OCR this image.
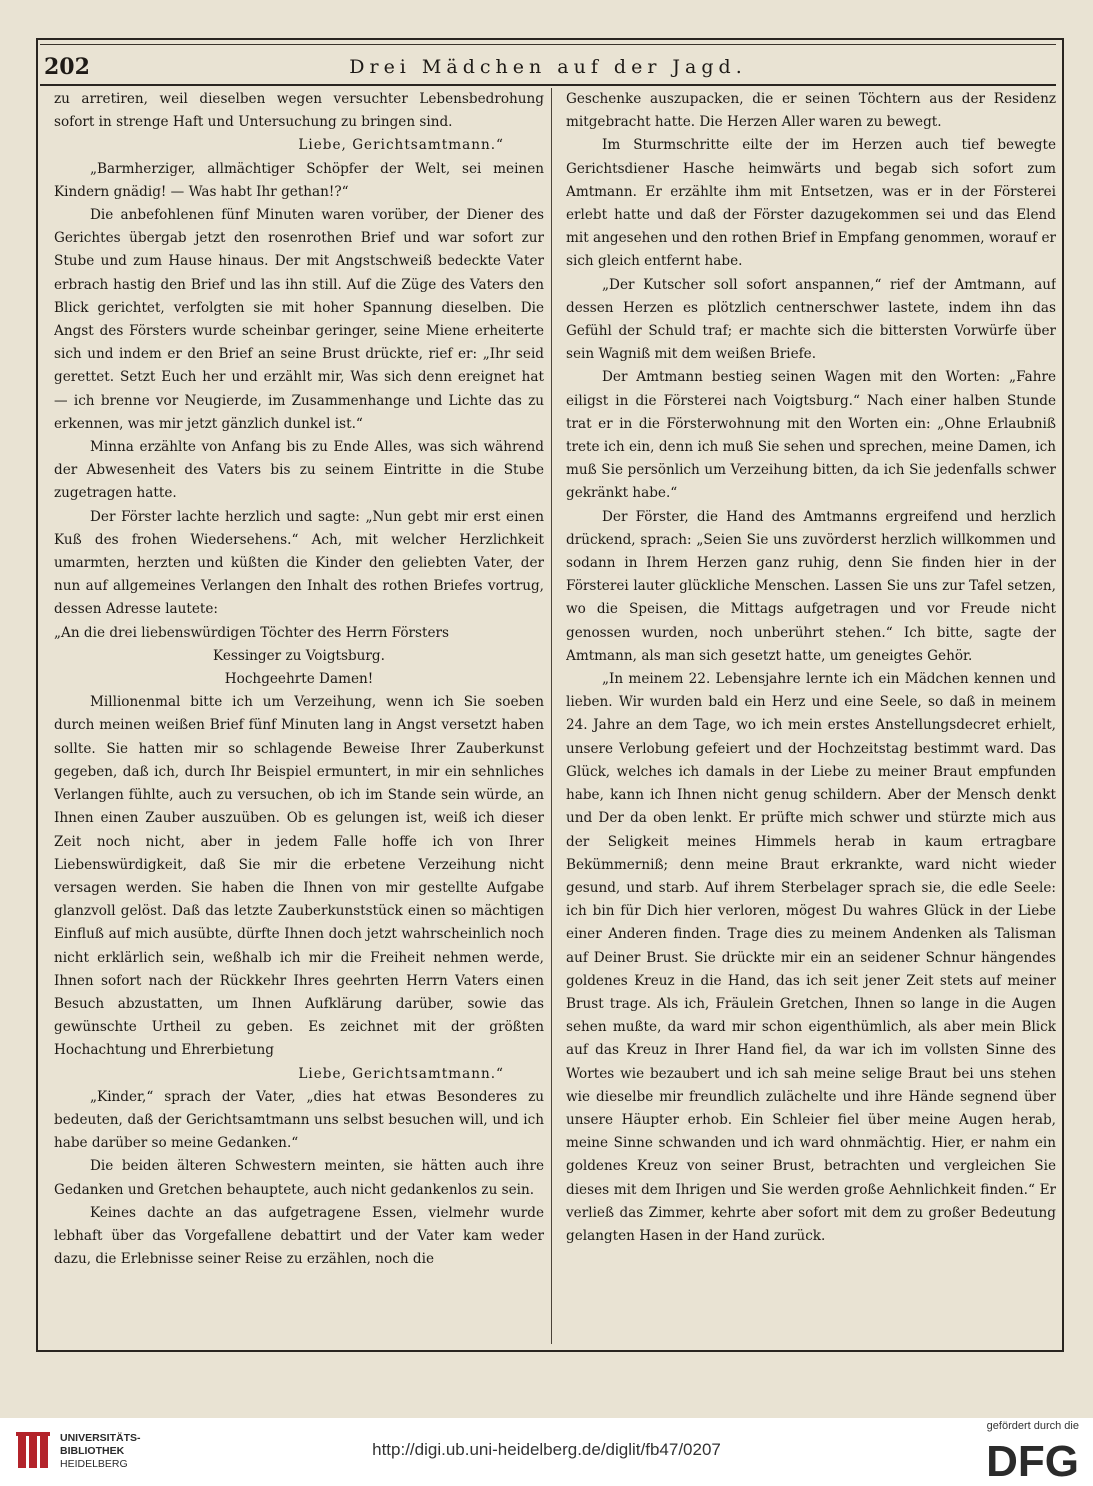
202	Drei Mädchen auf der Jagd.

zu arretiren, weil dieselben wegen versuchter Lebensbedrohung sofort in strenge Haft und Untersuchung zu bringen sind.

Liebe, Gerichtsamtmann.“

„Barmherziger, allmächtiger Schöpfer der Welt, sei meinen Kindern gnädig! — Was habt Ihr gethan!?“

Die anbefohlenen fünf Minuten waren vorüber, der Diener des Gerichtes übergab jetzt den rosenrothen Brief und war sofort zur Stube und zum Hause hinaus. Der mit Angstschweiß bedeckte Vater erbrach hastig den Brief und las ihn still. Auf die Züge des Vaters den Blick gerichtet, verfolgten sie mit hoher Spannung dieselben. Die Angst des Försters wurde scheinbar geringer, seine Miene erheiterte sich und indem er den Brief an seine Brust drückte, rief er: „Ihr seid gerettet. Setzt Euch her und erzählt mir, Was sich denn ereignet hat — ich brenne vor Neugierde, im Zusammenhange und Lichte das zu erkennen, was mir jetzt gänzlich dunkel ist.“

Minna erzählte von Anfang bis zu Ende Alles, was sich während der Abwesenheit des Vaters bis zu seinem Eintritte in die Stube zugetragen hatte.

Der Förster lachte herzlich und sagte: „Nun gebt mir erst einen Kuß des frohen Wiedersehens.“ Ach, mit welcher Herzlichkeit umarmten, herzten und küßten die Kinder den geliebten Vater, der nun auf allgemeines Verlangen den Inhalt des rothen Briefes vortrug, dessen Adresse lautete:

„An die drei liebenswürdigen Töchter des Herrn Försters

Kessinger zu Voigtsburg.

Hochgeehrte Damen!

Millionenmal bitte ich um Verzeihung, wenn ich Sie soeben durch meinen weißen Brief fünf Minuten lang in Angst versetzt haben sollte. Sie hatten mir so schlagende Beweise Ihrer Zauberkunst gegeben, daß ich, durch Ihr Beispiel ermuntert, in mir ein sehnliches Verlangen fühlte, auch zu versuchen, ob ich im Stande sein würde, an Ihnen einen Zauber auszuüben. Ob es gelungen ist, weiß ich dieser Zeit noch nicht, aber in jedem Falle hoffe ich von Ihrer Liebenswürdigkeit, daß Sie mir die erbetene Verzeihung nicht versagen werden. Sie haben die Ihnen von mir gestellte Aufgabe glanzvoll gelöst. Daß das letzte Zauberkunststück einen so mächtigen Einfluß auf mich ausübte, dürfte Ihnen doch jetzt wahrscheinlich noch nicht erklärlich sein, weßhalb ich mir die Freiheit nehmen werde, Ihnen sofort nach der Rückkehr Ihres geehrten Herrn Vaters einen Besuch abzustatten, um Ihnen Aufklärung darüber, sowie das gewünschte Urtheil zu geben. Es zeichnet mit der größten Hochachtung und Ehrerbietung

Liebe, Gerichtsamtmann.“

„Kinder,“ sprach der Vater, „dies hat etwas Besonderes zu bedeuten, daß der Gerichtsamtmann uns selbst besuchen will, und ich habe darüber so meine Gedanken.“

Die beiden älteren Schwestern meinten, sie hätten auch ihre Gedanken und Gretchen behauptete, auch nicht gedankenlos zu sein.

Keines dachte an das aufgetragene Essen, vielmehr wurde lebhaft über das Vorgefallene debattirt und der Vater kam weder dazu, die Erlebnisse seiner Reise zu erzählen, noch die

Geschenke auszupacken, die er seinen Töchtern aus der Residenz mitgebracht hatte. Die Herzen Aller waren zu bewegt.

Im Sturmschritte eilte der im Herzen auch tief bewegte Gerichtsdiener Hasche heimwärts und begab sich sofort zum Amtmann. Er erzählte ihm mit Entsetzen, was er in der Försterei erlebt hatte und daß der Förster dazugekommen sei und das Elend mit angesehen und den rothen Brief in Empfang genommen, worauf er sich gleich entfernt habe.

„Der Kutscher soll sofort anspannen,“ rief der Amtmann, auf dessen Herzen es plötzlich centnerschwer lastete, indem ihn das Gefühl der Schuld traf; er machte sich die bittersten Vorwürfe über sein Wagniß mit dem weißen Briefe.

Der Amtmann bestieg seinen Wagen mit den Worten: „Fahre eiligst in die Försterei nach Voigtsburg.“ Nach einer halben Stunde trat er in die Försterwohnung mit den Worten ein: „Ohne Erlaubniß trete ich ein, denn ich muß Sie sehen und sprechen, meine Damen, ich muß Sie persönlich um Verzeihung bitten, da ich Sie jedenfalls schwer gekränkt habe.“

Der Förster, die Hand des Amtmanns ergreifend und herzlich drückend, sprach: „Seien Sie uns zuvörderst herzlich willkommen und sodann in Ihrem Herzen ganz ruhig, denn Sie finden hier in der Försterei lauter glückliche Menschen. Lassen Sie uns zur Tafel setzen, wo die Speisen, die Mittags aufgetragen und vor Freude nicht genossen wurden, noch unberührt stehen.“ Ich bitte, sagte der Amtmann, als man sich gesetzt hatte, um geneigtes Gehör.

„In meinem 22. Lebensjahre lernte ich ein Mädchen kennen und lieben. Wir wurden bald ein Herz und eine Seele, so daß in meinem 24. Jahre an dem Tage, wo ich mein erstes Anstellungsdecret erhielt, unsere Verlobung gefeiert und der Hochzeitstag bestimmt ward. Das Glück, welches ich damals in der Liebe zu meiner Braut empfunden habe, kann ich Ihnen nicht genug schildern. Aber der Mensch denkt und Der da oben lenkt. Er prüfte mich schwer und stürzte mich aus der Seligkeit meines Himmels herab in kaum ertragbare Bekümmerniß; denn meine Braut erkrankte, ward nicht wieder gesund, und starb. Auf ihrem Sterbelager sprach sie, die edle Seele: ich bin für Dich hier verloren, mögest Du wahres Glück in der Liebe einer Anderen finden. Trage dies zu meinem Andenken als Talisman auf Deiner Brust. Sie drückte mir ein an seidener Schnur hängendes goldenes Kreuz in die Hand, das ich seit jener Zeit stets auf meiner Brust trage. Als ich, Fräulein Gretchen, Ihnen so lange in die Augen sehen mußte, da ward mir schon eigenthümlich, als aber mein Blick auf das Kreuz in Ihrer Hand fiel, da war ich im vollsten Sinne des Wortes wie bezaubert und ich sah meine selige Braut bei uns stehen wie dieselbe mir freundlich zulächelte und ihre Hände segnend über unsere Häupter erhob. Ein Schleier fiel über meine Augen herab, meine Sinne schwanden und ich ward ohnmächtig. Hier, er nahm ein goldenes Kreuz von seiner Brust, betrachten und vergleichen Sie dieses mit dem Ihrigen und Sie werden große Aehnlichkeit finden.“ Er verließ das Zimmer, kehrte aber sofort mit dem zu großer Bedeutung gelangten Hasen in der Hand zurück.

UNIVERSITÄTS-
BIBLIOTHEK
HEIDELBERG
http://digi.ub.uni-heidelberg.de/diglit/fb47/0207
gefördert durch die
DFG
